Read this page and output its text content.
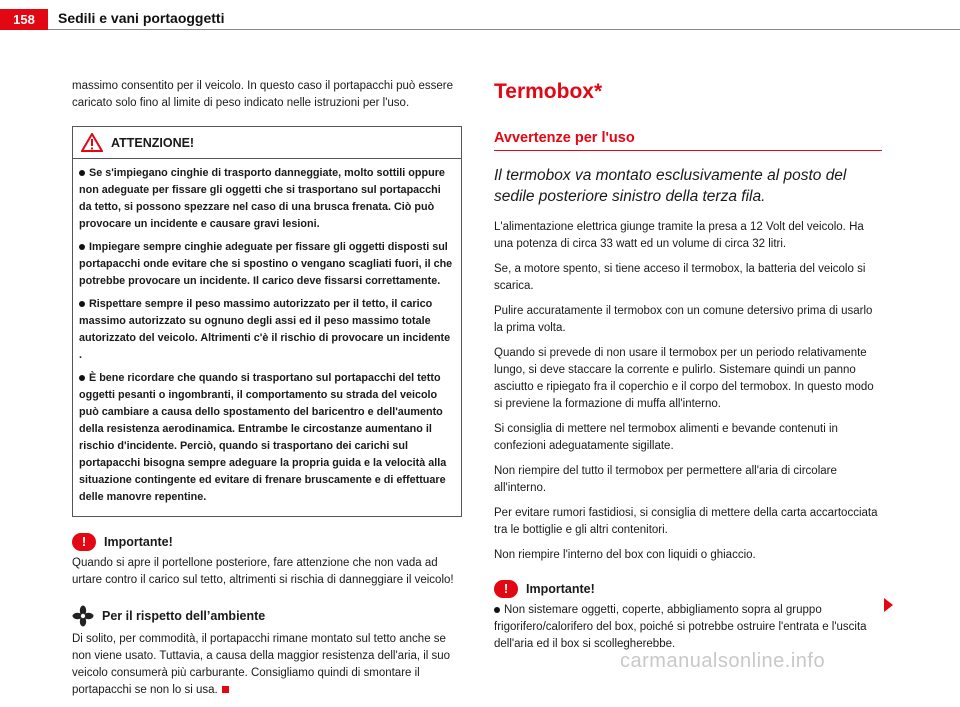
158	Sedili e vani portaoggetti

massimo consentito per il veicolo. In questo caso il portapacchi può essere caricato solo fino al limite di peso indicato nelle istruzioni per l'uso.

ATTENZIONE!
Se s'impiegano cinghie di trasporto danneggiate, molto sottili oppure non adeguate per fissare gli oggetti che si trasportano sul portapacchi da tetto, si possono spezzare nel caso di una brusca frenata. Ciò può provocare un incidente e causare gravi lesioni.
Impiegare sempre cinghie adeguate per fissare gli oggetti disposti sul portapacchi onde evitare che si spostino o vengano scagliati fuori, il che potrebbe provocare un incidente. Il carico deve fissarsi correttamente.
Rispettare sempre il peso massimo autorizzato per il tetto, il carico massimo autorizzato su ognuno degli assi ed il peso massimo totale autorizzato del veicolo. Altrimenti c'è il rischio di provocare un incidente .
È bene ricordare che quando si trasportano sul portapacchi del tetto oggetti pesanti o ingombranti, il comportamento su strada del veicolo può cambiare a causa dello spostamento del baricentro e dell'aumento della resistenza aerodinamica. Entrambe le circostanze aumentano il rischio d'incidente. Perciò, quando si trasportano dei carichi sul portapacchi bisogna sempre adeguare la propria guida e la velocità alla situazione contingente ed evitare di frenare bruscamente e di effettuare delle manovre repentine.
!	Importante!

Quando si apre il portellone posteriore, fare attenzione che non vada ad urtare contro il carico sul tetto, altrimenti si rischia di danneggiare il veicolo!

Per il rispetto dell’ambiente

Di solito, per commodità, il portapacchi rimane montato sul tetto anche se non viene usato. Tuttavia, a causa della maggior resistenza dell'aria, il suo veicolo consumerà più carburante. Consigliamo quindi di smontare il portapacchi se non lo si usa.

Termobox*
Avvertenze per l'uso
Il termobox va montato esclusivamente al posto del sedile posteriore sinistro della terza fila.

L'alimentazione elettrica giunge tramite la presa a 12 Volt del veicolo. Ha una potenza di circa 33 watt ed un volume di circa 32 litri.

Se, a motore spento, si tiene acceso il termobox, la batteria del veicolo si scarica.

Pulire accuratamente il termobox con un comune detersivo prima di usarlo la prima volta.

Quando si prevede di non usare il termobox per un periodo relativamente lungo, si deve staccare la corrente e pulirlo. Sistemare quindi un panno asciutto e ripiegato fra il coperchio e il corpo del termobox. In questo modo si previene la formazione di muffa all'interno.

Si consiglia di mettere nel termobox alimenti e bevande contenuti in confezioni adeguatamente sigillate.

Non riempire del tutto il termobox per permettere all'aria di circolare all'interno.

Per evitare rumori fastidiosi, si consiglia di mettere della carta accartocciata tra le bottiglie e gli altri contenitori.

Non riempire l'interno del box con liquidi o ghiaccio.

!	Importante!

Non sistemare oggetti, coperte, abbigliamento sopra al gruppo frigorifero/calorifero del box, poiché si potrebbe ostruire l'entrata e l'uscita dell'aria ed il box si scollegherebbe.

carmanualsonline.info
